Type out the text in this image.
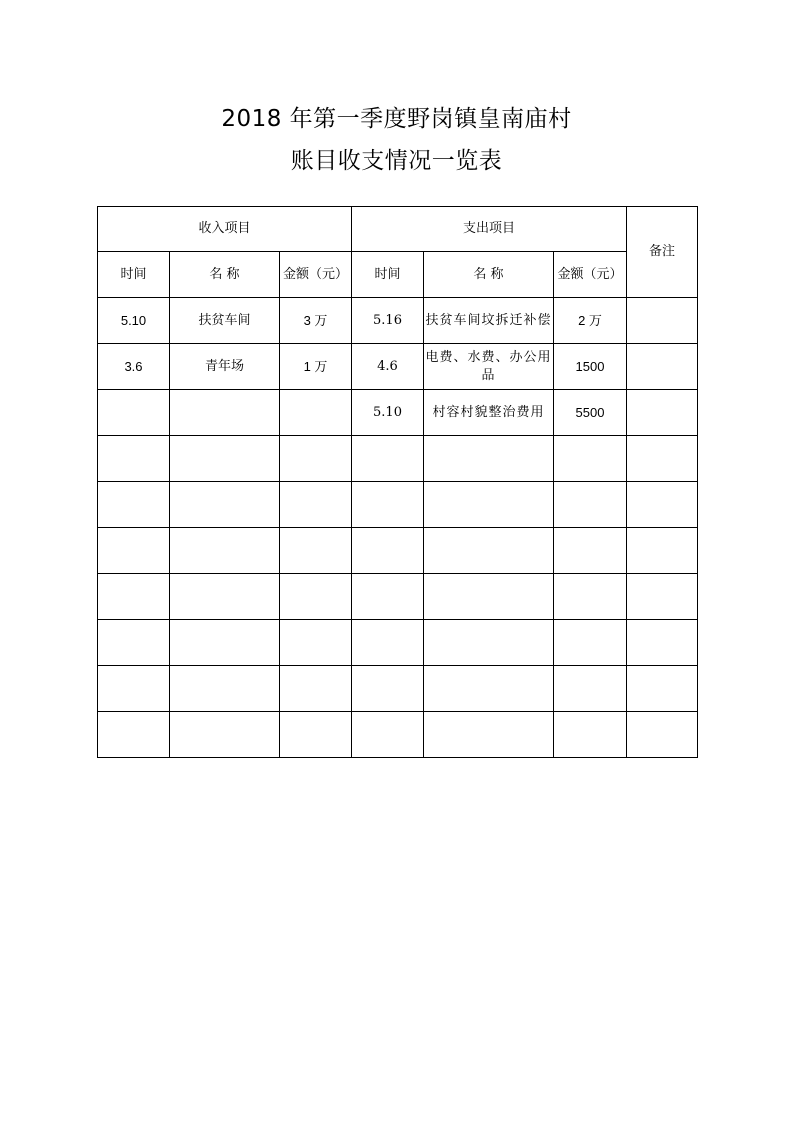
2018 年第一季度野岗镇皇南庙村
账目收支情况一览表
收入项目			支出项目			备注
时间	名 称	金额（元）	时间	名 称	金额（元）	
5.10	扶贫车间	3 万	5.16	扶贫车间坟拆迁补偿	2 万	
3.6	青年场	1 万	4.6	电费、水费、办公用品	1500	
			5.10	村容村貌整治费用	5500	
